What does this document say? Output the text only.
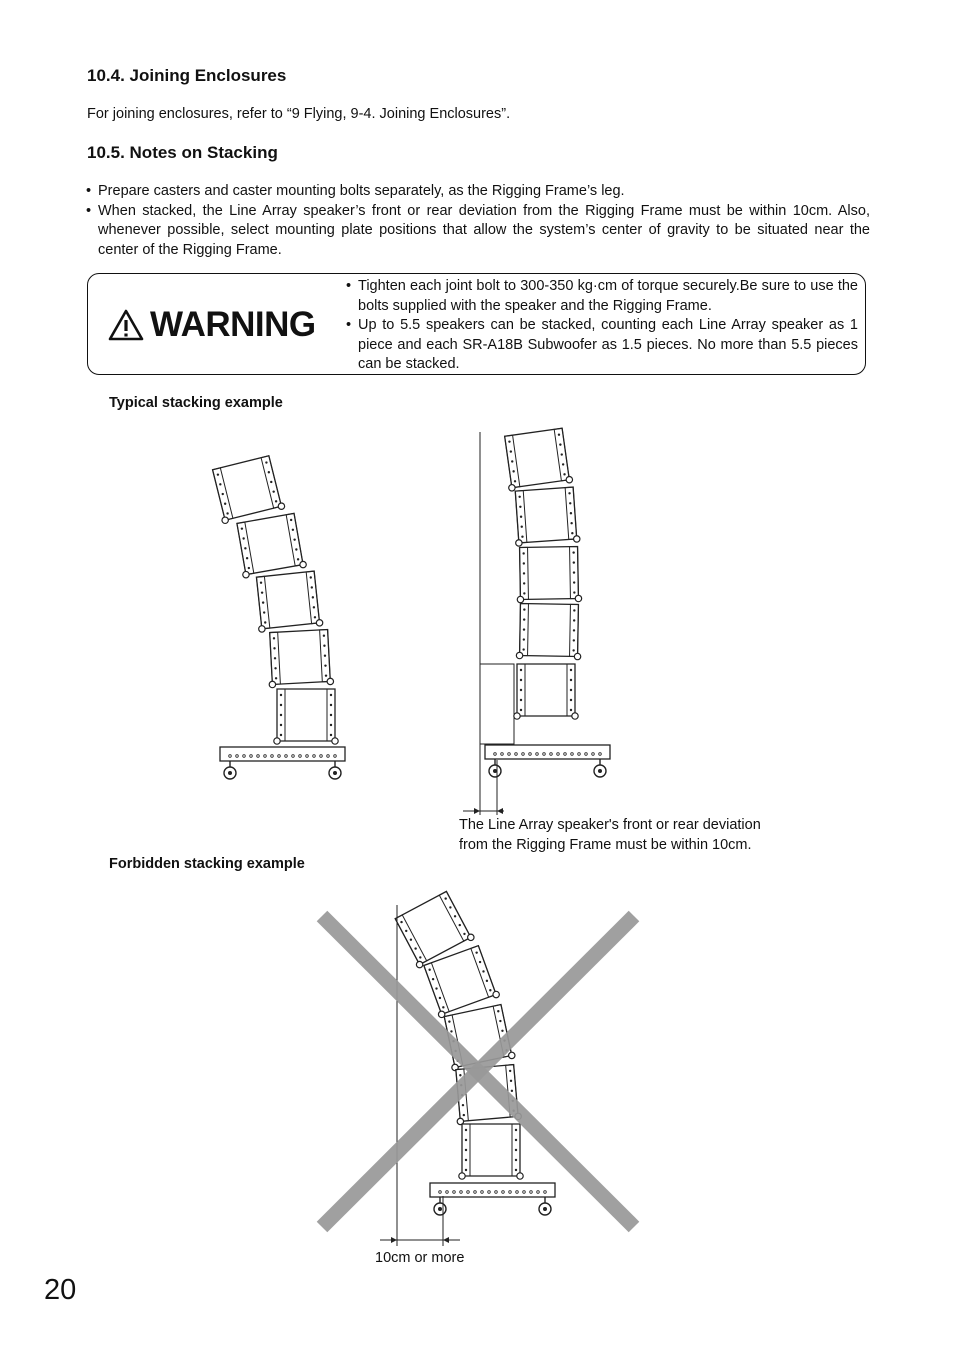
10.4. Joining Enclosures
For joining enclosures, refer to “9 Flying, 9-4. Joining Enclosures”.
10.5. Notes on Stacking
• Prepare casters and caster mounting bolts separately, as the Rigging Frame’s leg.
• When stacked, the Line Array speaker’s front or rear deviation from the Rigging Frame must be within 10cm. Also, whenever possible, select mounting plate positions that allow the system’s center of gravity to be situated near the center of the Rigging Frame.
WARNING
• Tighten each joint bolt to 300-350 kg·cm of torque securely.Be sure to use the bolts supplied with the speaker and the Rigging Frame.
• Up to 5.5 speakers can be stacked, counting each Line Array speaker as 1 piece and each SR-A18B Subwoofer as 1.5 pieces. No more than 5.5 pieces can be stacked.
Typical stacking example
The Line Array speaker's front or rear deviation
from the Rigging Frame must be within 10cm.
Forbidden stacking example
10cm or more
20
